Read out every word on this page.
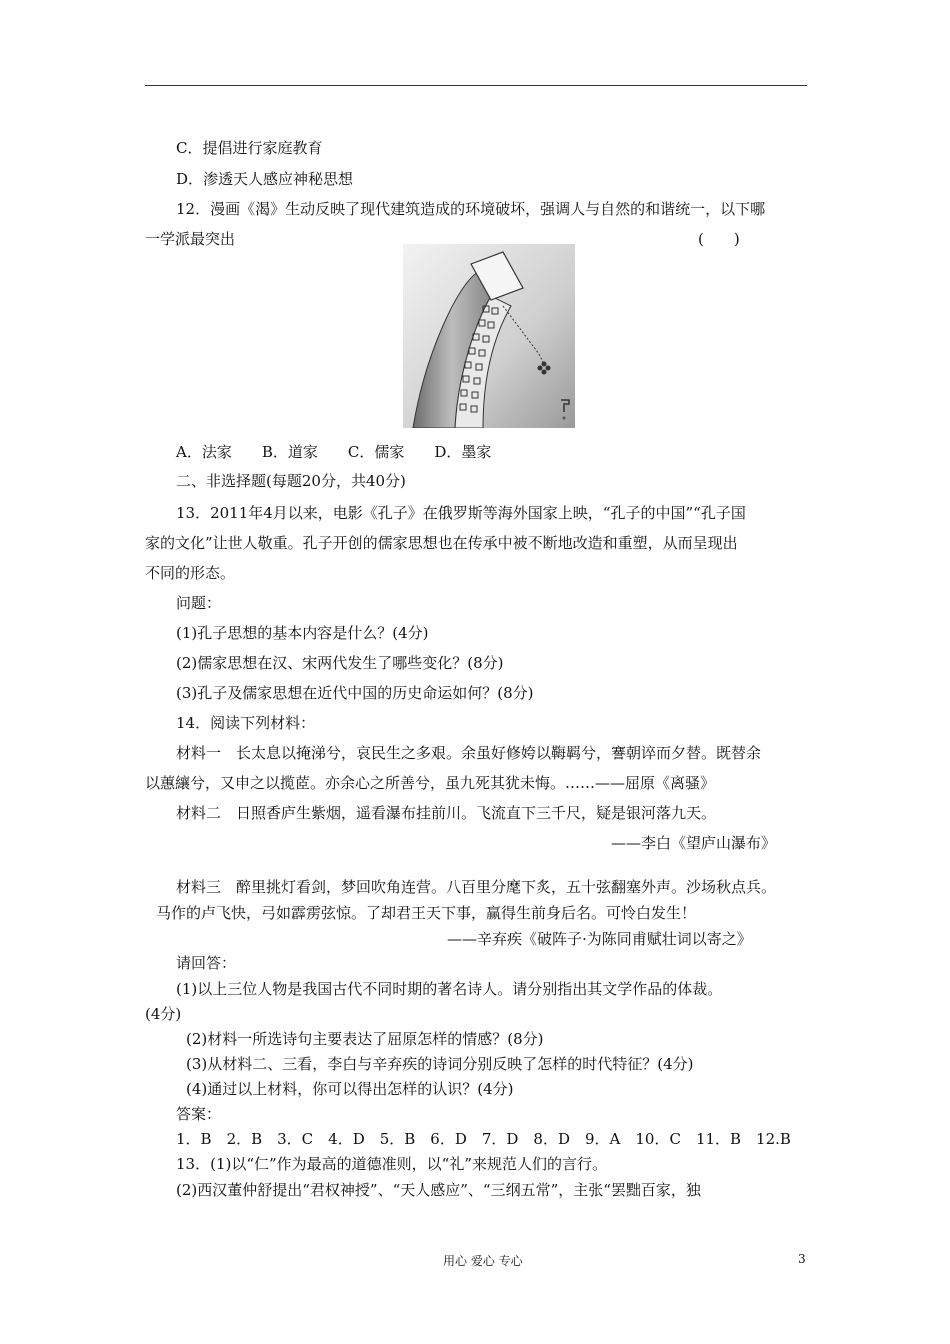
C．提倡进行家庭教育
D．渗透天人感应神秘思想
12．漫画《渴》生动反映了现代建筑造成的环境破坏，强调人与自然的和谐统一，以下哪
一学派最突出	(　　)
A．法家　　B．道家　　C．儒家　　D．墨家
二、非选择题(每题20分，共40分)
13．2011年4月以来，电影《孔子》在俄罗斯等海外国家上映，“孔子的中国”“孔子国
家的文化”让世人敬重。孔子开创的儒家思想也在传承中被不断地改造和重塑，从而呈现出
不同的形态。
问题：
(1)孔子思想的基本内容是什么？(4分)
(2)儒家思想在汉、宋两代发生了哪些变化？(8分)
(3)孔子及儒家思想在近代中国的历史命运如何？(8分)
14．阅读下列材料：
材料一　长太息以掩涕兮，哀民生之多艰。余虽好修姱以𩊱羁兮，謇朝谇而夕替。既替余
以蕙纕兮，又申之以揽茝。亦余心之所善兮，虽九死其犹未悔。……——屈原《离骚》
材料二　日照香庐生紫烟，遥看瀑布挂前川。飞流直下三千尺，疑是银河落九天。
——李白《望庐山瀑布》
材料三　醉里挑灯看剑，梦回吹角连营。八百里分麾下炙，五十弦翻塞外声。沙场秋点兵。
马作的卢飞快，弓如霹雳弦惊。了却君王天下事，赢得生前身后名。可怜白发生！
——辛弃疾《破阵子·为陈同甫赋壮词以寄之》
请回答：
(1)以上三位人物是我国古代不同时期的著名诗人。请分别指出其文学作品的体裁。
(4分)
(2)材料一所选诗句主要表达了屈原怎样的情感？(8分)
(3)从材料二、三看，李白与辛弃疾的诗词分别反映了怎样的时代特征？(4分)
(4)通过以上材料，你可以得出怎样的认识？(4分)
答案：
1．B　2．B　3．C　4．D　5．B　6．D　7．D　8．D　9．A　10．C　11．B　12.B
13．(1)以“仁”作为最高的道德准则，以“礼”来规范人们的言行。
(2)西汉董仲舒提出“君权神授”、“天人感应”、“三纲五常”，主张“罢黜百家，独
用心 爱心 专心	3
